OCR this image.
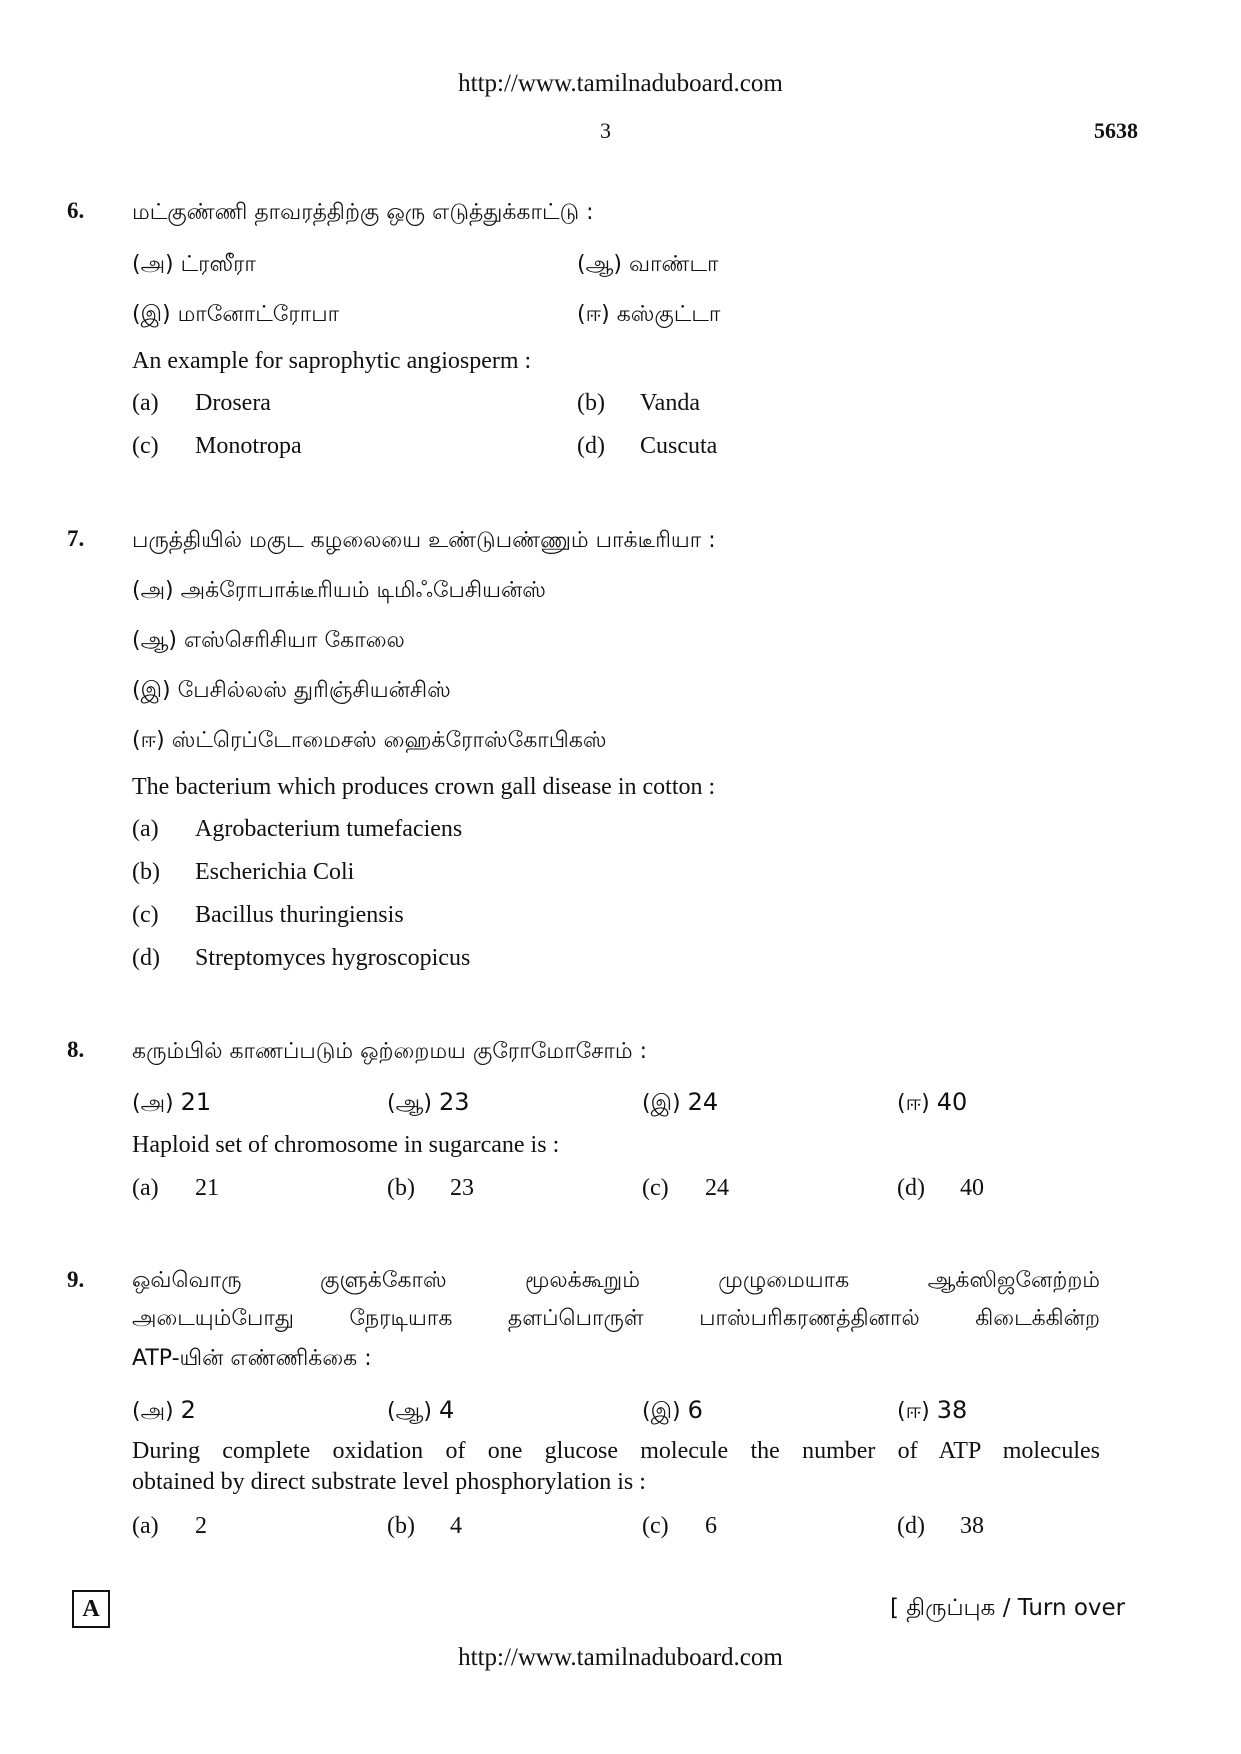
http://www.tamilnaduboard.com
3	5638
6. மட்குண்ணி தாவரத்திற்கு ஒரு எடுத்துக்காட்டு :
(அ) ட்ரஸீரா	(ஆ) வாண்டா
(இ) மானோட்ரோபா	(ஈ) கஸ்குட்டா
An example for saprophytic angiosperm :
(a) Drosera	(b) Vanda
(c) Monotropa	(d) Cuscuta
7. பருத்தியில் மகுட கழலையை உண்டுபண்ணும் பாக்டீரியா :
(அ) அக்ரோபாக்டீரியம் டிமிஃபேசியன்ஸ்
(ஆ) எஸ்செரிசியா கோலை
(இ) பேசில்லஸ் துரிஞ்சியன்சிஸ்
(ஈ) ஸ்ட்ரெப்டோமைசஸ் ஹைக்ரோஸ்கோபிகஸ்
The bacterium which produces crown gall disease in cotton :
(a) Agrobacterium tumefaciens
(b) Escherichia Coli
(c) Bacillus thuringiensis
(d) Streptomyces hygroscopicus
8. கரும்பில் காணப்படும் ஒற்றைமய குரோமோசோம் :
(அ) 21	(ஆ) 23	(இ) 24	(ஈ) 40
Haploid set of chromosome in sugarcane is :
(a) 21	(b) 23	(c) 24	(d) 40
9. ஒவ்வொரு குளுக்கோஸ் மூலக்கூறும் முழுமையாக ஆக்ஸிஜனேற்றம்
அடையும்போது நேரடியாக தளப்பொருள் பாஸ்பரிகரணத்தினால் கிடைக்கின்ற
ATP-யின் எண்ணிக்கை :
(அ) 2	(ஆ) 4	(இ) 6	(ஈ) 38
During complete oxidation of one glucose molecule the number of ATP molecules
obtained by direct substrate level phosphorylation is :
(a) 2	(b) 4	(c) 6	(d) 38
A	[ திருப்புக / Turn over
http://www.tamilnaduboard.com
